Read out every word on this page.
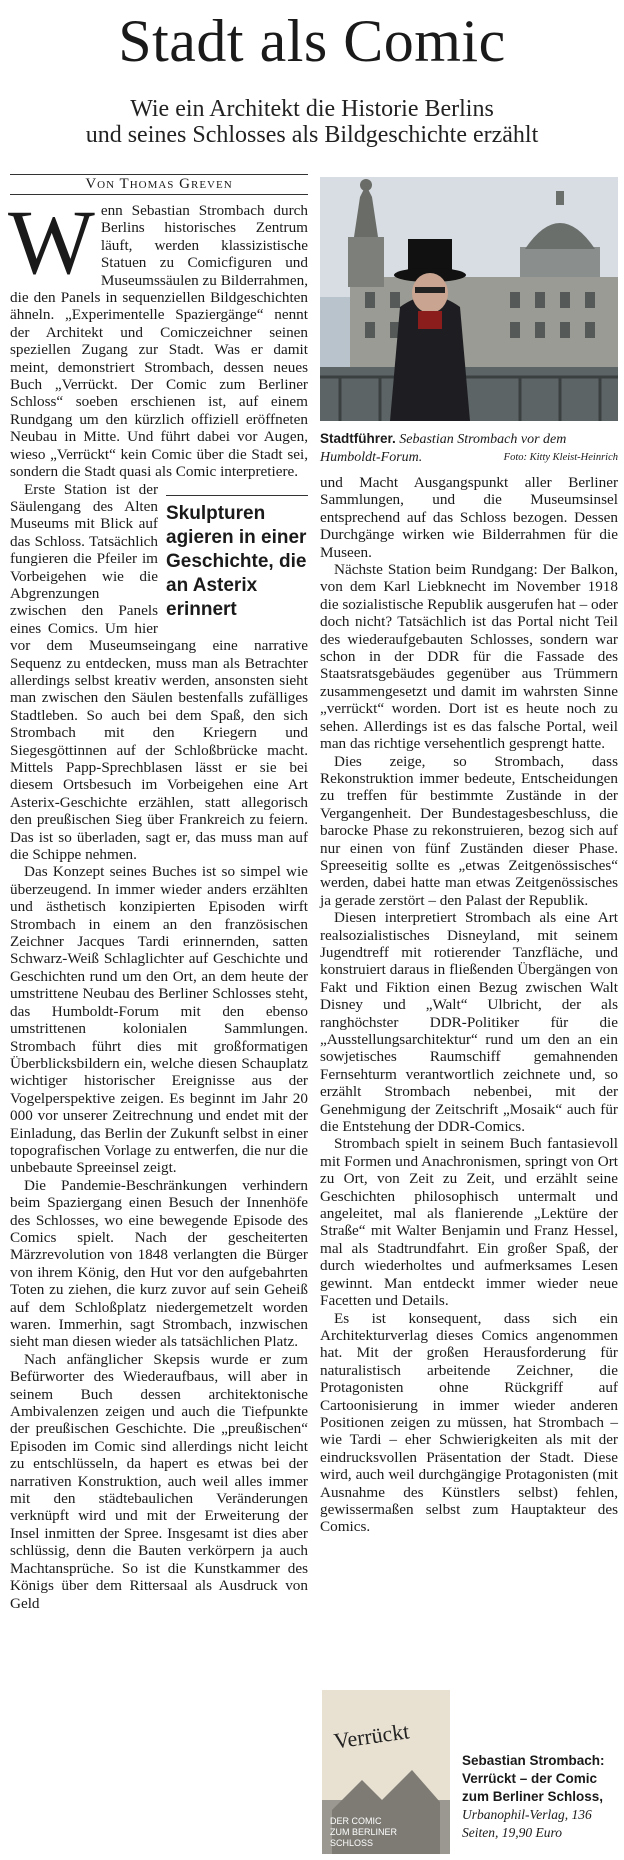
Stadt als Comic
Wie ein Architekt die Historie Berlins
und seines Schlosses als Bildgeschichte erzählt
Von Thomas Greven

Wenn Sebastian Strombach durch Berlins historisches Zentrum läuft, werden klassizistische Statuen zu Comicfiguren und Museumssäulen zu Bilderrahmen, die den Panels in sequenziellen Bildgeschichten ähneln. „Experimentelle Spaziergänge“ nennt der Architekt und Comiczeichner seinen speziellen Zugang zur Stadt. Was er damit meint, demonstriert Strombach, dessen neues Buch „Verrückt. Der Comic zum Berliner Schloss“ soeben erschienen ist, auf einem Rundgang um den kürzlich offiziell eröffneten Neubau in Mitte. Und führt dabei vor Augen, wieso „Verrückt“ kein Comic über die Stadt sei, sondern die Stadt quasi als Comic interpretiere.

Skulpturen agieren in einer Geschichte, die an Asterix erinnert
Erste Station ist der Säulengang des Alten Museums mit Blick auf das Schloss. Tatsächlich fungieren die Pfeiler im Vorbeigehen wie die Abgrenzungen zwischen den Panels eines Comics. Um hier vor dem Museumseingang eine narrative Sequenz zu entdecken, muss man als Betrachter allerdings selbst kreativ werden, ansonsten sieht man zwischen den Säulen bestenfalls zufälliges Stadtleben. So auch bei dem Spaß, den sich Strombach mit den Kriegern und Siegesgöttinnen auf der Schloßbrücke macht. Mittels Papp-Sprechblasen lässt er sie bei diesem Ortsbesuch im Vorbeigehen eine Art Asterix-Geschichte erzählen, statt allegorisch den preußischen Sieg über Frankreich zu feiern. Das ist so überladen, sagt er, das muss man auf die Schippe nehmen.

Das Konzept seines Buches ist so simpel wie überzeugend. In immer wieder anders erzählten und ästhetisch konzipierten Episoden wirft Strombach in einem an den französischen Zeichner Jacques Tardi erinnernden, satten Schwarz-Weiß Schlaglichter auf Geschichte und Geschichten rund um den Ort, an dem heute der umstrittene Neubau des Berliner Schlosses steht, das Humboldt-Forum mit den ebenso umstrittenen kolonialen Sammlungen. Strombach führt dies mit großformatigen Überblicksbildern ein, welche diesen Schauplatz wichtiger historischer Ereignisse aus der Vogelperspektive zeigen. Es beginnt im Jahr 20 000 vor unserer Zeitrechnung und endet mit der Einladung, das Berlin der Zukunft selbst in einer topografischen Vorlage zu entwerfen, die nur die unbebaute Spreeinsel zeigt.

Die Pandemie-Beschränkungen verhindern beim Spaziergang einen Besuch der Innenhöfe des Schlosses, wo eine bewegende Episode des Comics spielt. Nach der gescheiterten Märzrevolution von 1848 verlangten die Bürger von ihrem König, den Hut vor den aufgebahrten Toten zu ziehen, die kurz zuvor auf sein Geheiß auf dem Schloßplatz niedergemetzelt worden waren. Immerhin, sagt Strombach, inzwischen sieht man diesen wieder als tatsächlichen Platz.

Nach anfänglicher Skepsis wurde er zum Befürworter des Wiederaufbaus, will aber in seinem Buch dessen architektonische Ambivalenzen zeigen und auch die Tiefpunkte der preußischen Geschichte. Die „preußischen“ Episoden im Comic sind allerdings nicht leicht zu entschlüsseln, da hapert es etwas bei der narrativen Konstruktion, auch weil alles immer mit den städtebaulichen Veränderungen verknüpft wird und mit der Erweiterung der Insel inmitten der Spree. Insgesamt ist dies aber schlüssig, denn die Bauten verkörpern ja auch Machtansprüche. So ist die Kunstkammer des Königs über dem Rittersaal als Ausdruck von Geld

Stadtführer. Sebastian Strombach vor dem Humboldt-Forum.	Foto: Kitty Kleist-Heinrich

und Macht Ausgangspunkt aller Berliner Sammlungen, und die Museumsinsel entsprechend auf das Schloss bezogen. Dessen Durchgänge wirken wie Bilderrahmen für die Museen.

Nächste Station beim Rundgang: Der Balkon, von dem Karl Liebknecht im November 1918 die sozialistische Republik ausgerufen hat – oder doch nicht? Tatsächlich ist das Portal nicht Teil des wiederaufgebauten Schlosses, sondern war schon in der DDR für die Fassade des Staatsratsgebäudes gegenüber aus Trümmern zusammengesetzt und damit im wahrsten Sinne „verrückt“ worden. Dort ist es heute noch zu sehen. Allerdings ist es das falsche Portal, weil man das richtige versehentlich gesprengt hatte.

Dies zeige, so Strombach, dass Rekonstruktion immer bedeute, Entscheidungen zu treffen für bestimmte Zustände in der Vergangenheit. Der Bundestagesbeschluss, die barocke Phase zu rekonstruieren, bezog sich auf nur einen von fünf Zuständen dieser Phase. Spreeseitig sollte es „etwas Zeitgenössisches“ werden, dabei hatte man etwas Zeitgenössisches ja gerade zerstört – den Palast der Republik.

Diesen interpretiert Strombach als eine Art realsozialistisches Disneyland, mit seinem Jugendtreff mit rotierender Tanzfläche, und konstruiert daraus in fließenden Übergängen von Fakt und Fiktion einen Bezug zwischen Walt Disney und „Walt“ Ulbricht, der als ranghöchster DDR-Politiker für die „Ausstellungsarchitektur“ rund um den an ein sowjetisches Raumschiff gemahnenden Fernsehturm verantwortlich zeichnete und, so erzählt Strombach nebenbei, mit der Genehmigung der Zeitschrift „Mosaik“ auch für die Entstehung der DDR-Comics.

Strombach spielt in seinem Buch fantasievoll mit Formen und Anachronismen, springt von Ort zu Ort, von Zeit zu Zeit, und erzählt seine Geschichten philosophisch untermalt und angeleitet, mal als flanierende „Lektüre der Straße“ mit Walter Benjamin und Franz Hessel, mal als Stadtrundfahrt. Ein großer Spaß, der durch wiederholtes und aufmerksames Lesen gewinnt. Man entdeckt immer wieder neue Facetten und Details.

Es ist konsequent, dass sich ein Architekturverlag dieses Comics angenommen hat. Mit der großen Herausforderung für naturalistisch arbeitende Zeichner, die Protagonisten ohne Rückgriff auf Cartoonisierung in immer wieder anderen Positionen zeigen zu müssen, hat Strombach – wie Tardi – eher Schwierigkeiten als mit der eindrucksvollen Präsentation der Stadt. Diese wird, auch weil durchgängige Protagonisten (mit Ausnahme des Künstlers selbst) fehlen, gewissermaßen selbst zum Hauptakteur des Comics.

Verrückt
DER COMIC
ZUM BERLINER
SCHLOSS
Sebastian Strombach: Verrückt – der Comic zum Berliner Schloss,
Urbanophil-Verlag, 136 Seiten, 19,90 Euro
